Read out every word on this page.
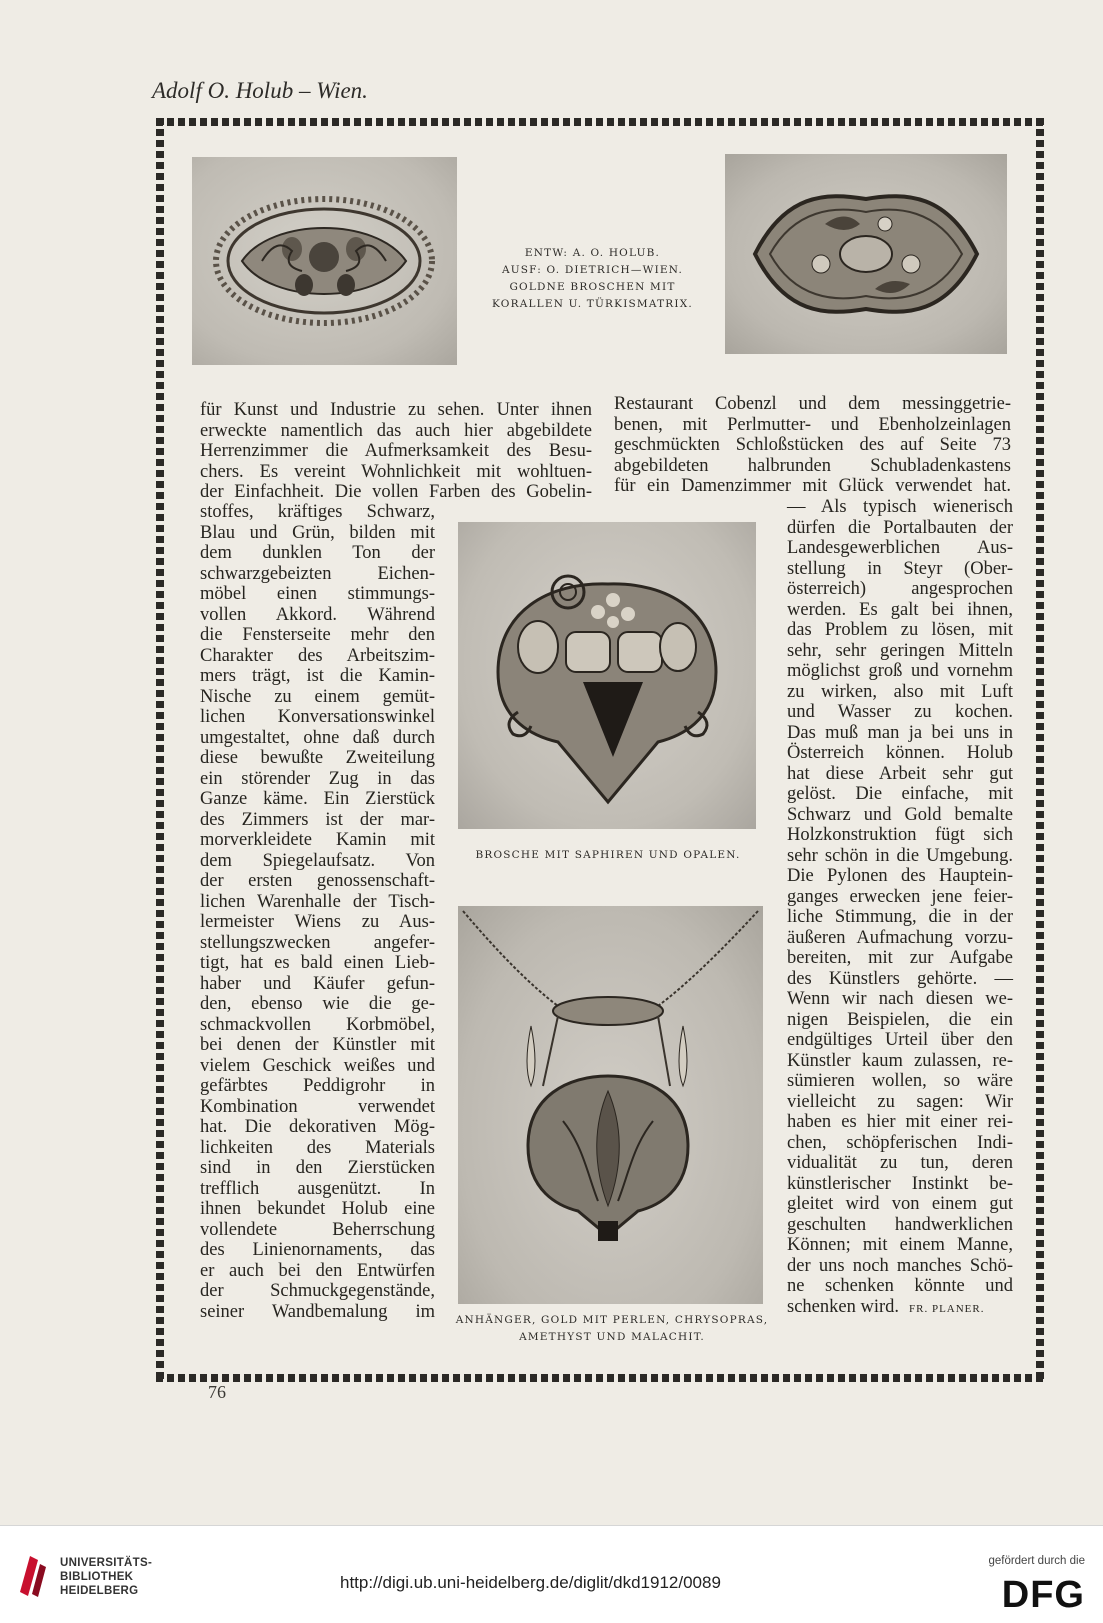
Adolf O. Holub – Wien.
ENTW: A. O. HOLUB.
AUSF: O. DIETRICH—WIEN.
GOLDNE BROSCHEN MIT
KORALLEN U. TÜRKISMATRIX.
für Kunst und Industrie zu sehen. Unter ihnen
erweckte namentlich das auch hier abgebildete
Herrenzimmer die Aufmerksamkeit des Besu-
chers. Es vereint Wohnlichkeit mit wohltuen-
der Einfachheit. Die vollen Farben des Gobelin-
Restaurant Cobenzl und dem messinggetrie-
benen, mit Perlmutter- und Ebenholzeinlagen
geschmückten Schloßstücken des auf Seite 73
abgebildeten halbrunden Schubladenkastens
für ein Damenzimmer mit Glück verwendet hat.
stoffes, kräftiges Schwarz,
Blau und Grün, bilden mit
dem dunklen Ton der
schwarzgebeizten Eichen-
möbel einen stimmungs-
vollen Akkord. Während
die Fensterseite mehr den
Charakter des Arbeitszim-
mers trägt, ist die Kamin-
Nische zu einem gemüt-
lichen Konversationswinkel
umgestaltet, ohne daß durch
diese bewußte Zweiteilung
ein störender Zug in das
Ganze käme. Ein Zierstück
des Zimmers ist der mar-
morverkleidete Kamin mit
dem Spiegelaufsatz. Von
der ersten genossenschaft-
lichen Warenhalle der Tisch-
lermeister Wiens zu Aus-
stellungszwecken angefer-
tigt, hat es bald einen Lieb-
haber und Käufer gefun-
den, ebenso wie die ge-
schmackvollen Korbmöbel,
bei denen der Künstler mit
vielem Geschick weißes und
gefärbtes Peddigrohr in
Kombination verwendet
hat. Die dekorativen Mög-
lichkeiten des Materials
sind in den Zierstücken
trefflich ausgenützt. In
ihnen bekundet Holub eine
vollendete Beherrschung
des Linienornaments, das
er auch bei den Entwürfen
der Schmuckgegenstände,
seiner Wandbemalung im
BROSCHE MIT SAPHIREN UND OPALEN.
ANHÄNGER, GOLD MIT PERLEN, CHRYSOPRAS,
AMETHYST UND MALACHIT.
— Als typisch wienerisch
dürfen die Portalbauten der
Landesgewerblichen Aus-
stellung in Steyr (Ober-
österreich) angesprochen
werden. Es galt bei ihnen,
das Problem zu lösen, mit
sehr, sehr geringen Mitteln
möglichst groß und vornehm
zu wirken, also mit Luft
und Wasser zu kochen.
Das muß man ja bei uns in
Österreich können. Holub
hat diese Arbeit sehr gut
gelöst. Die einfache, mit
Schwarz und Gold bemalte
Holzkonstruktion fügt sich
sehr schön in die Umgebung.
Die Pylonen des Hauptein-
ganges erwecken jene feier-
liche Stimmung, die in der
äußeren Aufmachung vorzu-
bereiten, mit zur Aufgabe
des Künstlers gehörte. —
Wenn wir nach diesen we-
nigen Beispielen, die ein
endgültiges Urteil über den
Künstler kaum zulassen, re-
sümieren wollen, so wäre
vielleicht zu sagen: Wir
haben es hier mit einer rei-
chen, schöpferischen Indi-
vidualität zu tun, deren
künstlerischer Instinkt be-
gleitet wird von einem gut
geschulten handwerklichen
Können; mit einem Manne,
der uns noch manches Schö-
ne schenken könnte und
schenken wird. FR. PLANER.
76
UNIVERSITÄTS-
BIBLIOTHEK
HEIDELBERG	http://digi.ub.uni-heidelberg.de/diglit/dkd1912/0089
gefördert durch die
DFG
